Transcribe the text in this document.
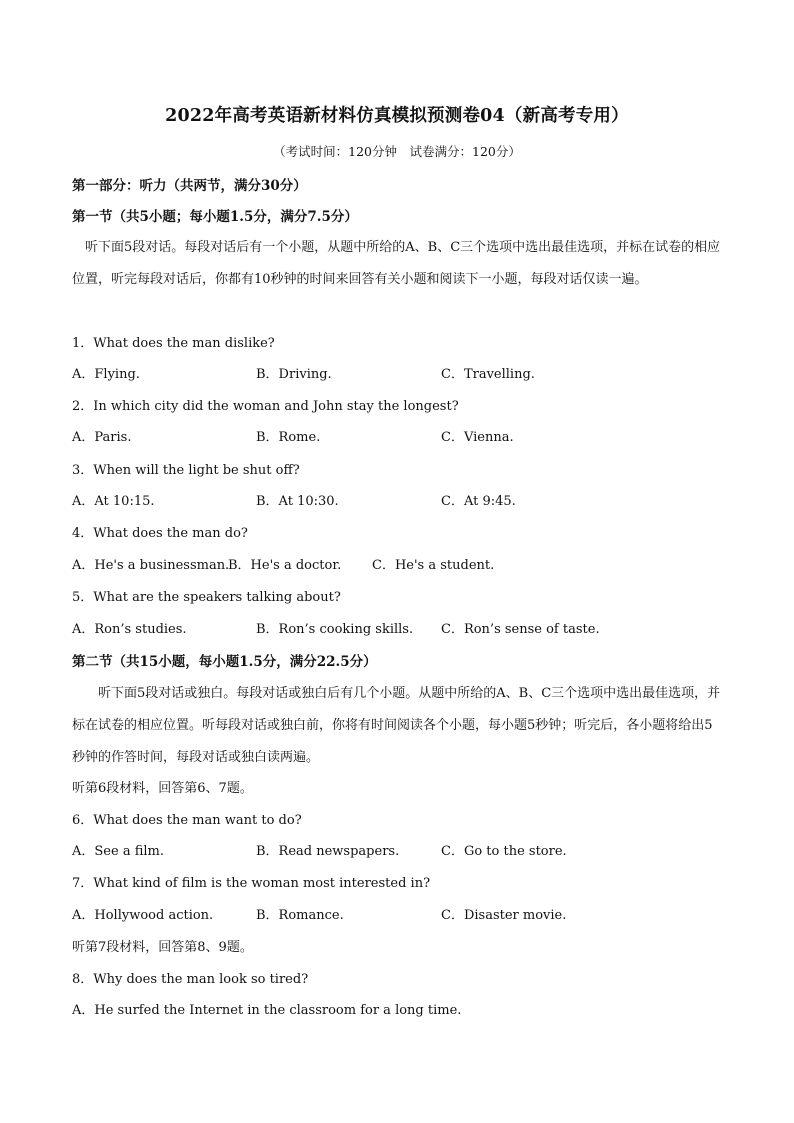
2022年高考英语新材料仿真模拟预测卷04（新高考专用）
（考试时间：120分钟　试卷满分：120分）
第一部分：听力（共两节，满分30分）
第一节（共5小题；每小题1.5分，满分7.5分）
听下面5段对话。每段对话后有一个小题，从题中所给的A、B、C三个选项中选出最佳选项，并标在试卷的相应位置，听完每段对话后，你都有10秒钟的时间来回答有关小题和阅读下一小题，每段对话仅读一遍。
1．What does the man dislike?
A．Flying.	B．Driving.	C．Travelling.
2．In which city did the woman and John stay the longest?
A．Paris.	B．Rome.	C．Vienna.
3．When will the light be shut off?
A．At 10:15.	B．At 10:30.	C．At 9:45.
4．What does the man do?
A．He's a businessman.
B．He's a doctor. C．He's a student.
5．What are the speakers talking about?
A．Ron’s studies.	B．Ron’s cooking skills. C．Ron’s sense of taste.
第二节（共15小题，每小题1.5分，满分22.5分）
听下面5段对话或独白。每段对话或独白后有几个小题。从题中所给的A、B、C三个选项中选出最佳选项，并标在试卷的相应位置。听每段对话或独白前，你将有时间阅读各个小题，每小题5秒钟；听完后，各小题将给出5秒钟的作答时间，每段对话或独白读两遍。
听第6段材料，回答第6、7题。
6．What does the man want to do?
A．See a film.	B．Read newspapers.	C．Go to the store.
7．What kind of film is the woman most interested in?
A．Hollywood action.	B．Romance.	C．Disaster movie.
听第7段材料，回答第8、9题。
8．Why does the man look so tired?
A．He surfed the Internet in the classroom for a long time.
